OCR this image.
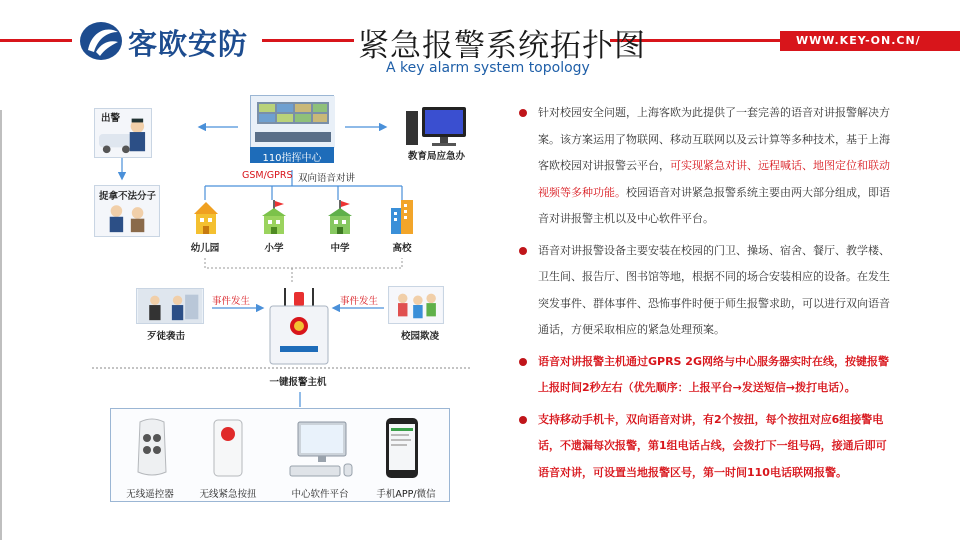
客欧安防	紧急报警系统拓扑图
A key alarm system topology
WWW.KEY-ON.CN/
出警
捉拿不法分子
110指挥中心	教育局应急办
GSM/GPRS 双向语音对讲
幼儿园	小学	中学	高校
歹徒袭击
事件发生	事件发生
校园欺凌
一键报警主机
无线遥控器	无线紧急按扭	中心软件平台	手机APP/微信
针对校园安全问题，上海客欧为此提供了一套完善的语音对讲报警解决方案。该方案运用了物联网、移动互联网以及云计算等多种技术，基于上海客欧校园对讲报警云平台，可实现紧急对讲、远程喊话、地图定位和联动视频等多种功能。校园语音对讲紧急报警系统主要由两大部分组成，即语音对讲报警主机以及中心软件平台。
语音对讲报警设备主要安装在校园的门卫、操场、宿舍、餐厅、教学楼、卫生间、报告厅、图书馆等地，根据不同的场合安装相应的设备。在发生突发事件、群体事件、恐怖事件时便于师生报警求助，可以进行双向语音通话，方便采取相应的紧急处理预案。
语音对讲报警主机通过GPRS 2G网络与中心服务器实时在线，按键报警上报时间2秒左右（优先顺序：上报平台→发送短信→拨打电话）。
支持移动手机卡，双向语音对讲，有2个按扭，每个按扭对应6组接警电话，不遗漏每次报警，第1组电话占线，会拨打下一组号码，接通后即可语音对讲，可设置当地报警区号，第一时间110电话联网报警。
